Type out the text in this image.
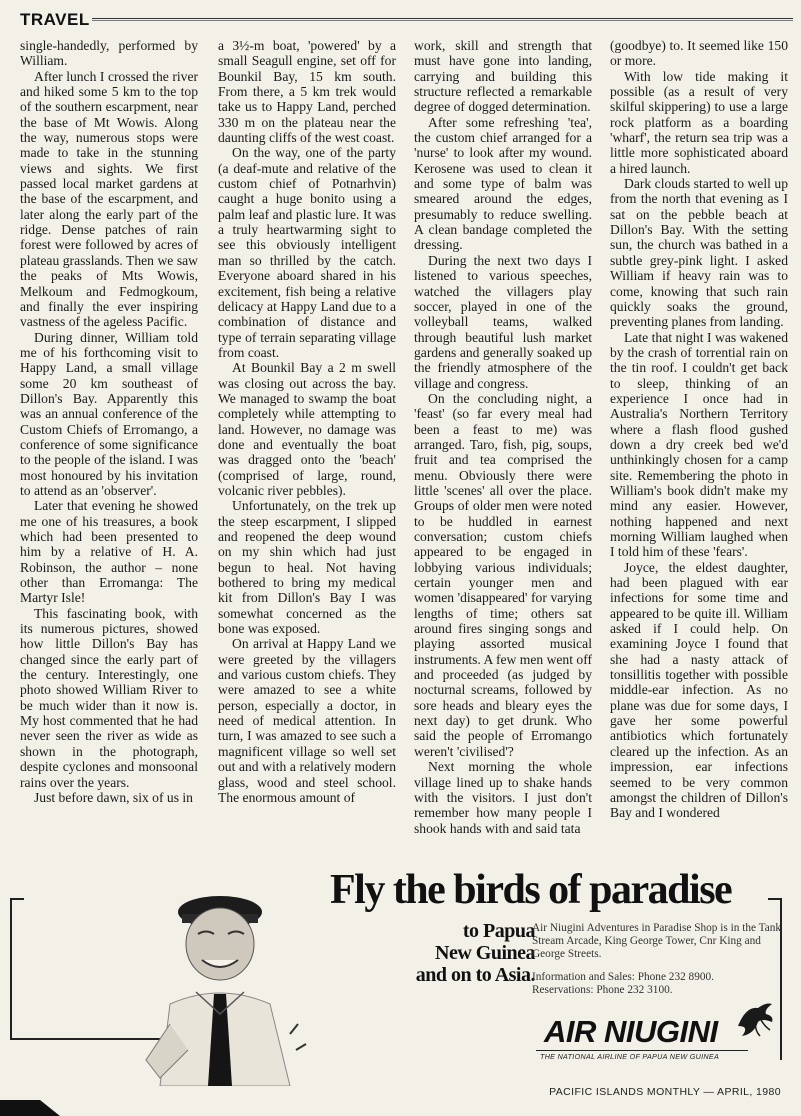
TRAVEL

single-handedly, performed by William.

After lunch I crossed the river and hiked some 5 km to the top of the southern escarpment, near the base of Mt Wowis. Along the way, numerous stops were made to take in the stunning views and sights. We first passed local market gardens at the base of the escarpment, and later along the early part of the ridge. Dense patches of rain forest were followed by acres of plateau grasslands. Then we saw the peaks of Mts Wowis, Melkoum and Fedmogkoum, and finally the ever inspiring vastness of the ageless Pacific.

During dinner, William told me of his forthcoming visit to Happy Land, a small village some 20 km southeast of Dillon's Bay. Apparently this was an annual conference of the Custom Chiefs of Erromango, a conference of some significance to the people of the island. I was most honoured by his invitation to attend as an 'observer'.

Later that evening he showed me one of his treasures, a book which had been presented to him by a relative of H. A. Robinson, the author – none other than Erromanga: The Martyr Isle!

This fascinating book, with its numerous pictures, showed how little Dillon's Bay has changed since the early part of the century. Interestingly, one photo showed William River to be much wider than it now is. My host commented that he had never seen the river as wide as shown in the photograph, despite cyclones and monsoonal rains over the years.

Just before dawn, six of us in

a 3½-m boat, 'powered' by a small Seagull engine, set off for Bounkil Bay, 15 km south. From there, a 5 km trek would take us to Happy Land, perched 330 m on the plateau near the daunting cliffs of the west coast.

On the way, one of the party (a deaf-mute and relative of the custom chief of Potnarhvin) caught a huge bonito using a palm leaf and plastic lure. It was a truly heartwarming sight to see this obviously intelligent man so thrilled by the catch. Everyone aboard shared in his excitement, fish being a relative delicacy at Happy Land due to a combination of distance and type of terrain separating village from coast.

At Bounkil Bay a 2 m swell was closing out across the bay. We managed to swamp the boat completely while attempting to land. However, no damage was done and eventually the boat was dragged onto the 'beach' (comprised of large, round, volcanic river pebbles).

Unfortunately, on the trek up the steep escarpment, I slipped and reopened the deep wound on my shin which had just begun to heal. Not having bothered to bring my medical kit from Dillon's Bay I was somewhat concerned as the bone was exposed.

On arrival at Happy Land we were greeted by the villagers and various custom chiefs. They were amazed to see a white person, especially a doctor, in need of medical attention. In turn, I was amazed to see such a magnificent village so well set out and with a relatively modern glass, wood and steel school. The enormous amount of

work, skill and strength that must have gone into landing, carrying and building this structure reflected a remarkable degree of dogged determination.

After some refreshing 'tea', the custom chief arranged for a 'nurse' to look after my wound. Kerosene was used to clean it and some type of balm was smeared around the edges, presumably to reduce swelling. A clean bandage completed the dressing.

During the next two days I listened to various speeches, watched the villagers play soccer, played in one of the volleyball teams, walked through beautiful lush market gardens and generally soaked up the friendly atmosphere of the village and congress.

On the concluding night, a 'feast' (so far every meal had been a feast to me) was arranged. Taro, fish, pig, soups, fruit and tea comprised the menu. Obviously there were little 'scenes' all over the place. Groups of older men were noted to be huddled in earnest conversation; custom chiefs appeared to be engaged in lobbying various individuals; certain younger men and women 'disappeared' for varying lengths of time; others sat around fires singing songs and playing assorted musical instruments. A few men went off and proceeded (as judged by nocturnal screams, followed by sore heads and bleary eyes the next day) to get drunk. Who said the people of Erromango weren't 'civilised'?

Next morning the whole village lined up to shake hands with the visitors. I just don't remember how many people I shook hands with and said tata

(goodbye) to. It seemed like 150 or more.

With low tide making it possible (as a result of very skilful skippering) to use a large rock platform as a boarding 'wharf', the return sea trip was a little more sophisticated aboard a hired launch.

Dark clouds started to well up from the north that evening as I sat on the pebble beach at Dillon's Bay. With the setting sun, the church was bathed in a subtle grey-pink light. I asked William if heavy rain was to come, knowing that such rain quickly soaks the ground, preventing planes from landing.

Late that night I was wakened by the crash of torrential rain on the tin roof. I couldn't get back to sleep, thinking of an experience I once had in Australia's Northern Territory where a flash flood gushed down a dry creek bed we'd unthinkingly chosen for a camp site. Remembering the photo in William's book didn't make my mind any easier. However, nothing happened and next morning William laughed when I told him of these 'fears'.

Joyce, the eldest daughter, had been plagued with ear infections for some time and appeared to be quite ill. William asked if I could help. On examining Joyce I found that she had a nasty attack of tonsillitis together with possible middle-ear infection. As no plane was due for some days, I gave her some powerful antibiotics which fortunately cleared up the infection. As an impression, ear infections seemed to be very common amongst the children of Dillon's Bay and I wondered

Fly the birds of paradise
to Papua
New Guinea
and on to Asia.
Air Niugini Adventures in Paradise Shop is in the Tank Stream Arcade, King George Tower, Cnr King and George Streets.
Information and Sales: Phone 232 8900.
Reservations: Phone 232 3100.
AIR NIUGINI
THE NATIONAL AIRLINE OF PAPUA NEW GUINEA
PACIFIC ISLANDS MONTHLY — APRIL, 1980
